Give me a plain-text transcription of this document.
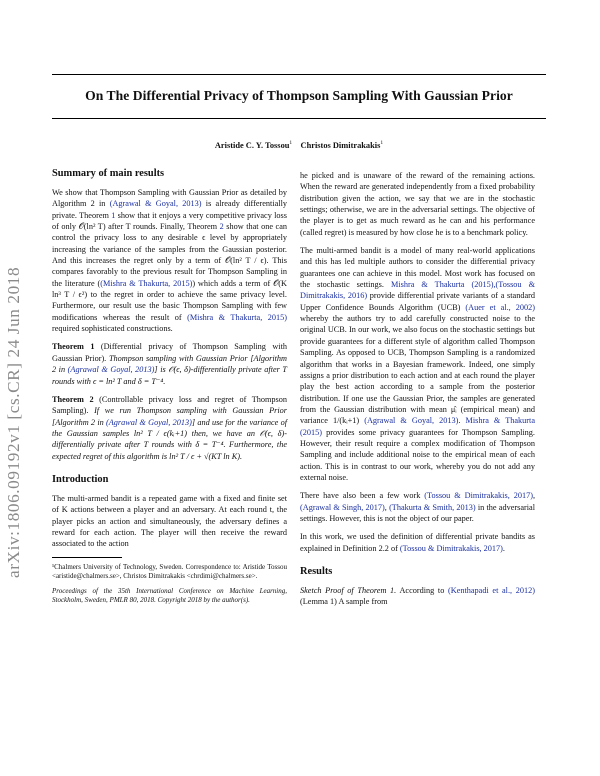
arXiv:1806.09192v1 [cs.CR] 24 Jun 2018
On The Differential Privacy of Thompson Sampling With Gaussian Prior
Aristide C. Y. Tossou$^1$ Christos Dimitrakakis$^1$
Summary of main results

We show that Thompson Sampling with Gaussian Prior as detailed by Algorithm 2 in (Agrawal & Goyal, 2013) is already differentially private. Theorem 1 show that it enjoys a very competitive privacy loss of only 𝒪(ln² T) after T rounds. Finally, Theorem 2 show that one can control the privacy loss to any desirable ϵ level by appropriately increasing the variance of the samples from the Gaussian posterior. And this increases the regret only by a term of 𝒪(ln² T / ϵ). This compares favorably to the previous result for Thompson Sampling in the literature ((Mishra & Thakurta, 2015)) which adds a term of 𝒪(K ln³ T / ϵ²) to the regret in order to achieve the same privacy level. Furthermore, our result use the basic Thompson Sampling with few modifications whereas the result of (Mishra & Thakurta, 2015) required sophisticated constructions.

Theorem 1 (Differential privacy of Thompson Sampling with Gaussian Prior). Thompson sampling with Gaussian Prior [Algorithm 2 in (Agrawal & Goyal, 2013)] is 𝒪(ϵ, δ)-differentially private after T rounds with ϵ = ln² T and δ = T⁻⁴.

Theorem 2 (Controllable privacy loss and regret of Thompson Sampling). If we run Thompson sampling with Gaussian Prior [Algorithm 2 in (Agrawal & Goyal, 2013)] and use for the variance of the Gaussian samples ln² T / ϵ(kᵢ+1) then, we have an 𝒪(ϵ, δ)-differentially private after T rounds with δ = T⁻⁴. Furthermore, the expected regret of this algorithm is ln² T / ϵ + √(KT ln K).

Introduction

The multi-armed bandit is a repeated game with a fixed and finite set of K actions between a player and an adversary. At each round t, the player picks an action and simultaneously, the adversary defines a reward for each action. The player will then receive the reward associated to the action

¹Chalmers University of Technology, Sweden. Correspondence to: Aristide Tossou <aristide@chalmers.se>, Christos Dimitrakakis <chrdimi@chalmers.se>.

Proceedings of the 35th International Conference on Machine Learning, Stockholm, Sweden, PMLR 80, 2018. Copyright 2018 by the author(s).

he picked and is unaware of the reward of the remaining actions. When the reward are generated independently from a fixed probability distribution given the action, we say that we are in the stochastic settings; otherwise, we are in the adversarial settings. The objective of the player is to get as much reward as he can and his performance (called regret) is measured by how close he is to a benchmark policy.

The multi-armed bandit is a model of many real-world applications and this has led multiple authors to consider the differential privacy guarantees one can achieve in this model. Most work has focused on the stochastic settings. Mishra & Thakurta (2015),(Tossou & Dimitrakakis, 2016) provide differential private variants of a standard Upper Confidence Bounds Algorithm (UCB) (Auer et al., 2002) whereby the authors try to add carefully constructed noise to the original UCB. In our work, we also focus on the stochastic settings but provide guarantees for a different style of algorithm called Thompson Sampling. As opposed to UCB, Thompson Sampling is a randomized algorithm that works in a Bayesian framework. Indeed, one simply assigns a prior distribution to each action and at each round the player play the best action according to a sample from the posterior distribution. If one use the Gaussian Prior, the samples are generated from the Gaussian distribution with mean μ̂ᵢ (empirical mean) and variance 1/(kᵢ+1) (Agrawal & Goyal, 2013). Mishra & Thakurta (2015) provides some privacy guarantees for Thompson Sampling. However, their result require a complex modification of Thompson Sampling and include additional noise to the empirical mean of each action. This is in contrast to our work, whereby you do not add any external noise.

There have also been a few work (Tossou & Dimitrakakis, 2017), (Agrawal & Singh, 2017), (Thakurta & Smith, 2013) in the adversarial settings. However, this is not the object of our paper.

In this work, we used the definition of differential private bandits as explained in Definition 2.2 of (Tossou & Dimitrakakis, 2017).

Results

Sketch Proof of Theorem 1. According to (Kenthapadi et al., 2012) (Lemma 1) A sample from
